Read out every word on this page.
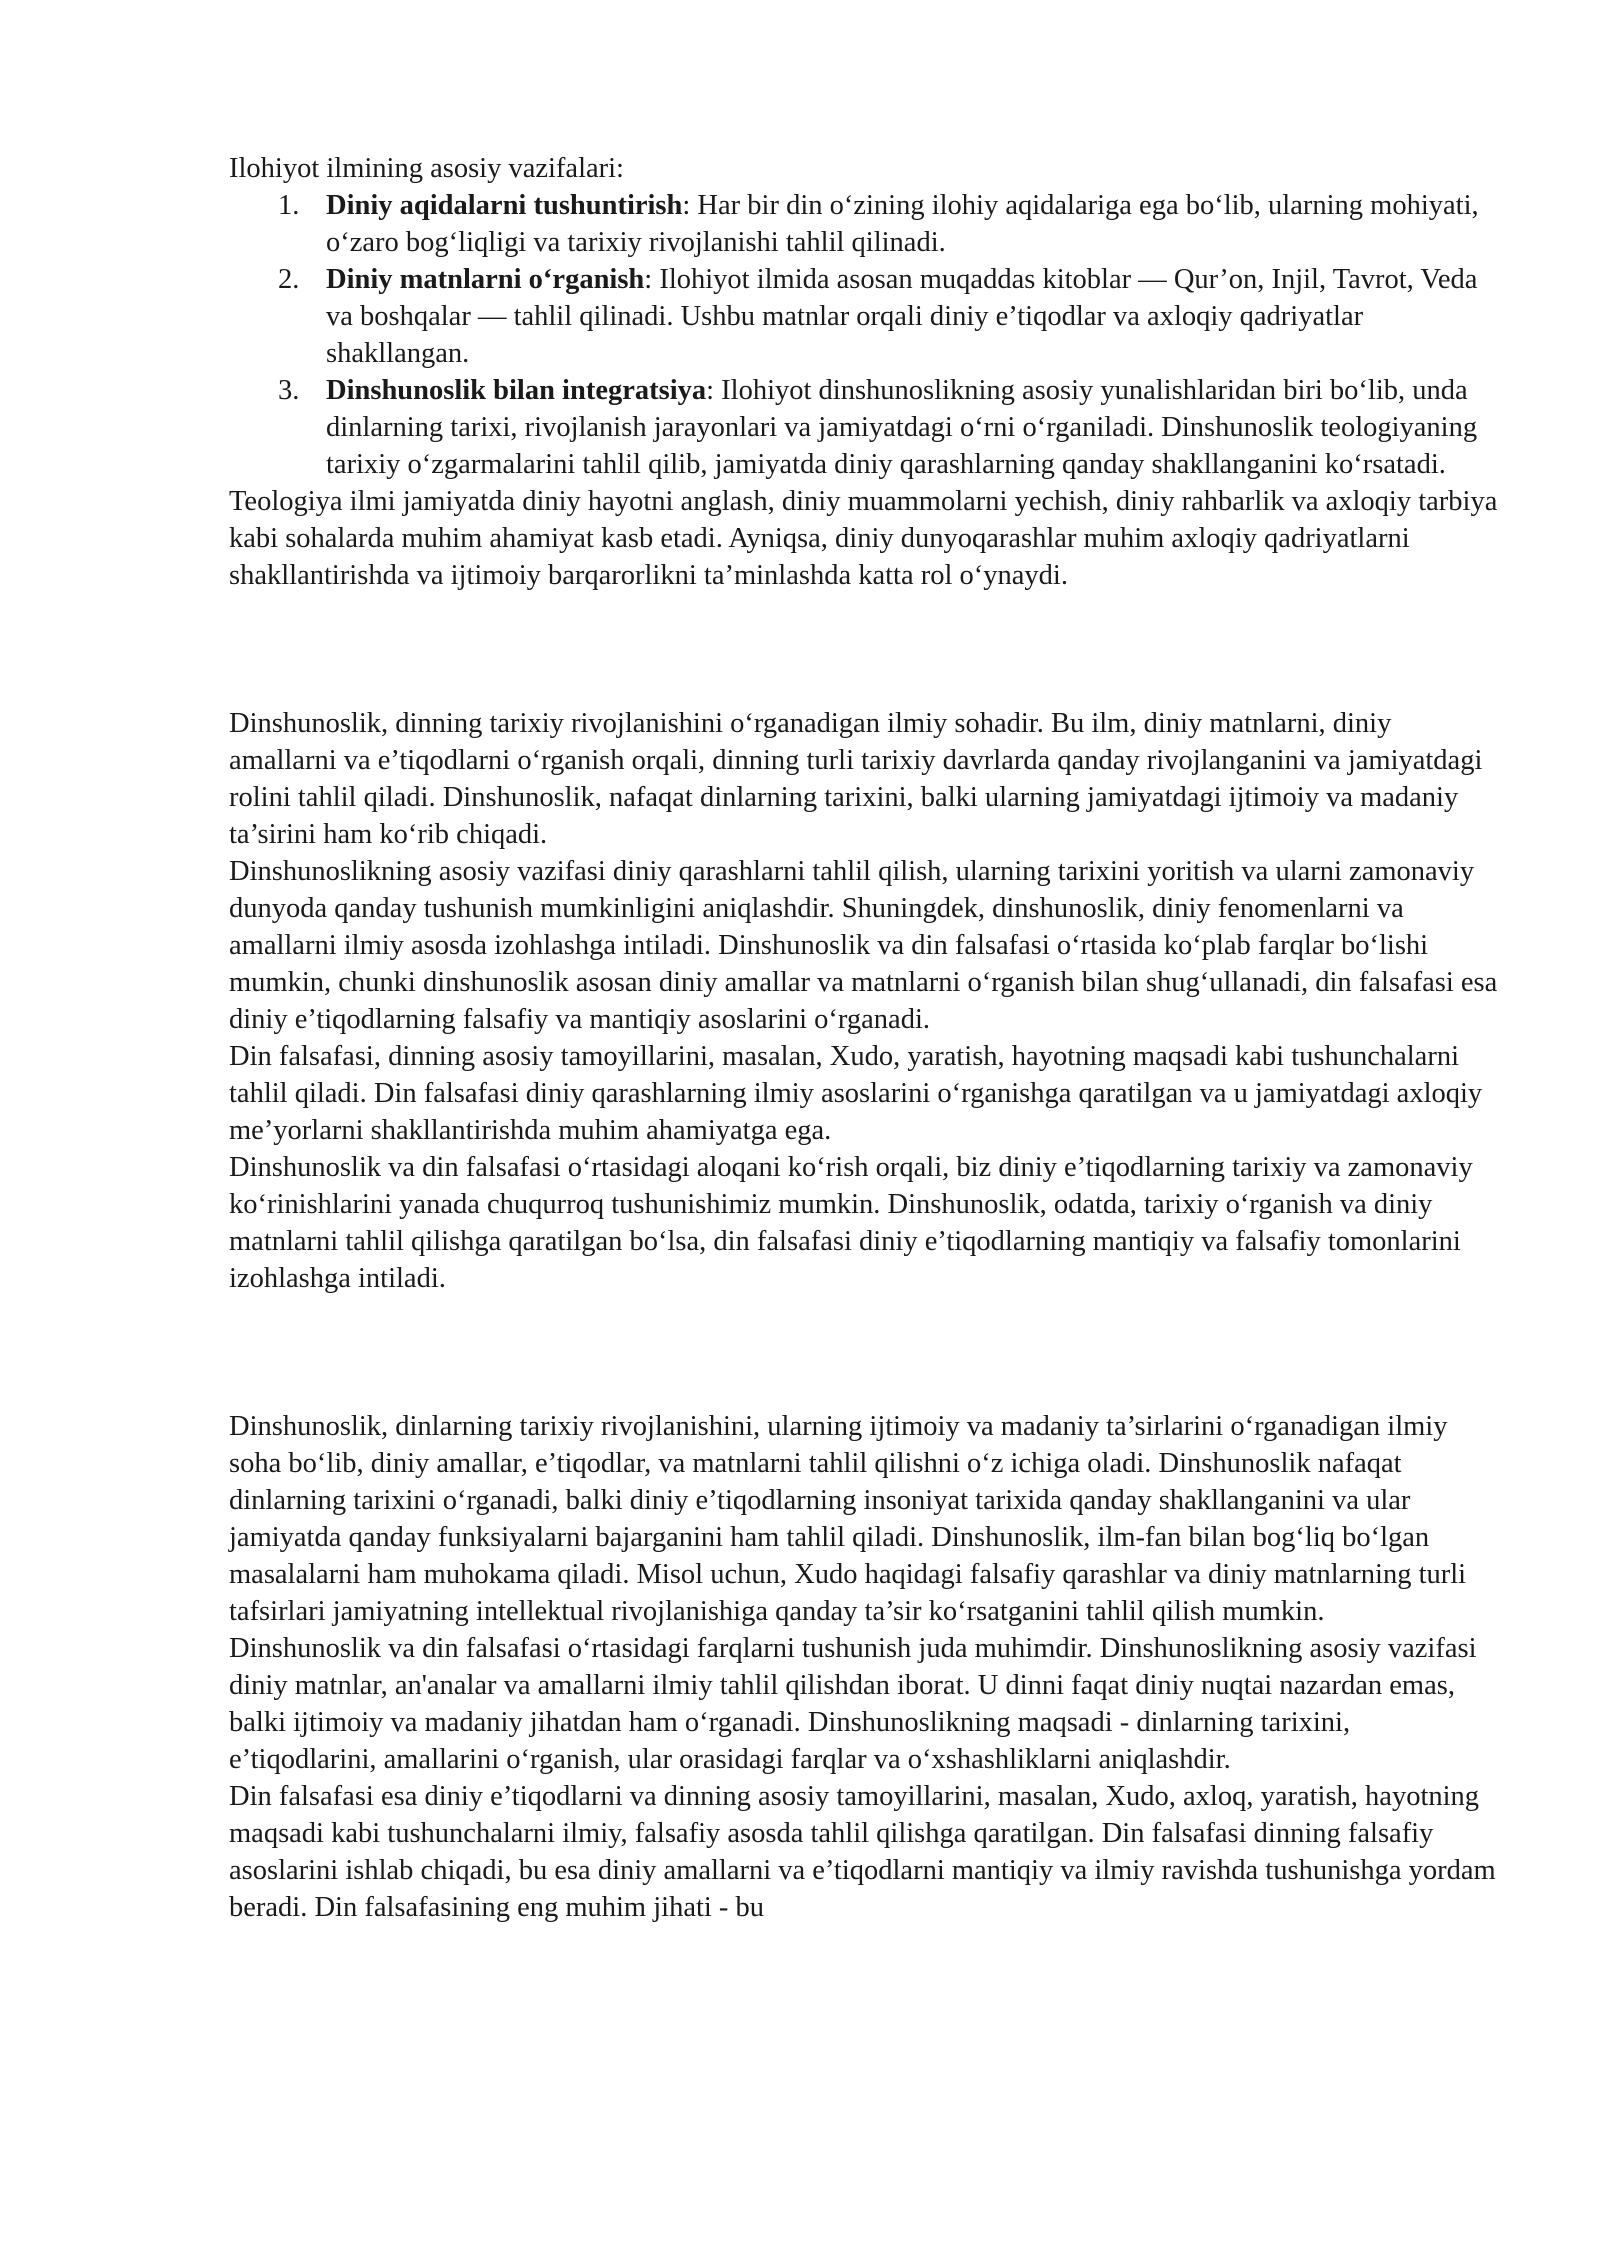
Ilohiyot ilmining asosiy vazifalari:

1. Diniy aqidalarni tushuntirish: Har bir din o‘zining ilohiy aqidalariga ega bo‘lib, ularning mohiyati, o‘zaro bog‘liqligi va tarixiy rivojlanishi tahlil qilinadi.
2. Diniy matnlarni o‘rganish: Ilohiyot ilmida asosan muqaddas kitoblar — Qur’on, Injil, Tavrot, Veda va boshqalar — tahlil qilinadi. Ushbu matnlar orqali diniy e’tiqodlar va axloqiy qadriyatlar shakllangan.
3. Dinshunoslik bilan integratsiya: Ilohiyot dinshunoslikning asosiy yunalishlaridan biri bo‘lib, unda dinlarning tarixi, rivojlanish jarayonlari va jamiyatdagi o‘rni o‘rganiladi. Dinshunoslik teologiyaning tarixiy o‘zgarmalarini tahlil qilib, jamiyatda diniy qarashlarning qanday shakllanganini ko‘rsatadi.

Teologiya ilmi jamiyatda diniy hayotni anglash, diniy muammolarni yechish, diniy rahbarlik va axloqiy tarbiya kabi sohalarda muhim ahamiyat kasb etadi. Ayniqsa, diniy dunyoqarashlar muhim axloqiy qadriyatlarni shakllantirishda va ijtimoiy barqarorlikni ta’minlashda katta rol o‘ynaydi.

Dinshunoslik, dinning tarixiy rivojlanishini o‘rganadigan ilmiy sohadir. Bu ilm, diniy matnlarni, diniy amallarni va e’tiqodlarni o‘rganish orqali, dinning turli tarixiy davrlarda qanday rivojlanganini va jamiyatdagi rolini tahlil qiladi. Dinshunoslik, nafaqat dinlarning tarixini, balki ularning jamiyatdagi ijtimoiy va madaniy ta’sirini ham ko‘rib chiqadi.

Dinshunoslikning asosiy vazifasi diniy qarashlarni tahlil qilish, ularning tarixini yoritish va ularni zamonaviy dunyoda qanday tushunish mumkinligini aniqlashdir. Shuningdek, dinshunoslik, diniy fenomenlarni va amallarni ilmiy asosda izohlashga intiladi. Dinshunoslik va din falsafasi o‘rtasida ko‘plab farqlar bo‘lishi mumkin, chunki dinshunoslik asosan diniy amallar va matnlarni o‘rganish bilan shug‘ullanadi, din falsafasi esa diniy e’tiqodlarning falsafiy va mantiqiy asoslarini o‘rganadi.

Din falsafasi, dinning asosiy tamoyillarini, masalan, Xudo, yaratish, hayotning maqsadi kabi tushunchalarni tahlil qiladi. Din falsafasi diniy qarashlarning ilmiy asoslarini o‘rganishga qaratilgan va u jamiyatdagi axloqiy me’yorlarni shakllantirishda muhim ahamiyatga ega.

Dinshunoslik va din falsafasi o‘rtasidagi aloqani ko‘rish orqali, biz diniy e’tiqodlarning tarixiy va zamonaviy ko‘rinishlarini yanada chuqurroq tushunishimiz mumkin. Dinshunoslik, odatda, tarixiy o‘rganish va diniy matnlarni tahlil qilishga qaratilgan bo‘lsa, din falsafasi diniy e’tiqodlarning mantiqiy va falsafiy tomonlarini izohlashga intiladi.

Dinshunoslik, dinlarning tarixiy rivojlanishini, ularning ijtimoiy va madaniy ta’sirlarini o‘rganadigan ilmiy soha bo‘lib, diniy amallar, e’tiqodlar, va matnlarni tahlil qilishni o‘z ichiga oladi. Dinshunoslik nafaqat dinlarning tarixini o‘rganadi, balki diniy e’tiqodlarning insoniyat tarixida qanday shakllanganini va ular jamiyatda qanday funksiyalarni bajarganini ham tahlil qiladi. Dinshunoslik, ilm-fan bilan bog‘liq bo‘lgan masalalarni ham muhokama qiladi. Misol uchun, Xudo haqidagi falsafiy qarashlar va diniy matnlarning turli tafsirlari jamiyatning intellektual rivojlanishiga qanday ta’sir ko‘rsatganini tahlil qilish mumkin.

Dinshunoslik va din falsafasi o‘rtasidagi farqlarni tushunish juda muhimdir. Dinshunoslikning asosiy vazifasi diniy matnlar, an'analar va amallarni ilmiy tahlil qilishdan iborat. U dinni faqat diniy nuqtai nazardan emas, balki ijtimoiy va madaniy jihatdan ham o‘rganadi. Dinshunoslikning maqsadi - dinlarning tarixini, e’tiqodlarini, amallarini o‘rganish, ular orasidagi farqlar va o‘xshashliklarni aniqlashdir.

Din falsafasi esa diniy e’tiqodlarni va dinning asosiy tamoyillarini, masalan, Xudo, axloq, yaratish, hayotning maqsadi kabi tushunchalarni ilmiy, falsafiy asosda tahlil qilishga qaratilgan. Din falsafasi dinning falsafiy asoslarini ishlab chiqadi, bu esa diniy amallarni va e’tiqodlarni mantiqiy va ilmiy ravishda tushunishga yordam beradi. Din falsafasining eng muhim jihati - bu
